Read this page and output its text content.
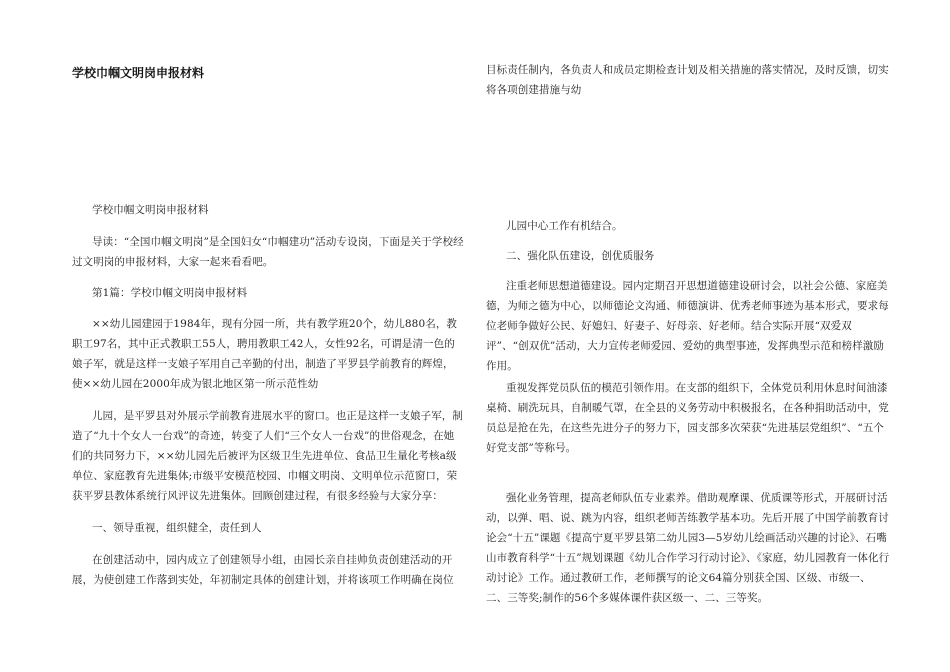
学校巾帼文明岗申报材料

学校巾帼文明岗申报材料

导读：“全国巾帼文明岗”是全国妇女“巾帼建功”活动专设岗，下面是关于学校经过文明岗的申报材料，大家一起来看看吧。

第1篇：学校巾帼文明岗申报材料

××幼儿园建园于1984年，现有分园一所，共有教学班20个，幼儿880名，教职工97名，其中正式教职工55人，聘用教职工42人，女性92名，可谓是清一色的娘子军，就是这样一支娘子军用自己辛勤的付出，制造了平罗县学前教育的辉煌，使××幼儿园在2000年成为银北地区第一所示范性幼

儿园，是平罗县对外展示学前教育进展水平的窗口。也正是这样一支娘子军，制造了“九十个女人一台戏”的奇迹，转变了人们“三个女人一台戏”的世俗观念，在她们的共同努力下，××幼儿园先后被评为区级卫生先进单位、食品卫生量化考核a级单位、家庭教育先进集体;市级平安模范校园、巾帼文明岗、文明单位示范窗口，荣获平罗县教体系统行风评议先进集体。回顾创建过程，有很多经验与大家分享：

一、领导重视，组织健全，责任到人

在创建活动中，园内成立了创建领导小组，由园长亲自挂帅负责创建活动的开展，为使创建工作落到实处，年初制定具体的创建计划，并将该项工作明确在岗位

目标责任制内，各负责人和成员定期检查计划及相关措施的落实情况，及时反馈，切实将各项创建措施与幼

儿园中心工作有机结合。

二、强化队伍建设，创优质服务

注重老师思想道德建设。园内定期召开思想道德建设研讨会，以社会公德、家庭美德，为师之德为中心，以师德论文沟通、师德演讲、优秀老师事迹为基本形式，要求每位老师争做好公民、好媳妇、好妻子、好母亲、好老师。结合实际开展“双爱双评”、“创双优”活动，大力宣传老师爱园、爱幼的典型事迹，发挥典型示范和榜样激励作用。

重视发挥党员队伍的模范引领作用。在支部的组织下，全体党员利用休息时间油漆桌椅、刷洗玩具，自制暖气罩，在全县的义务劳动中积极报名，在各种捐助活动中，党员总是抢在先，在这些先进分子的努力下，园支部多次荣获“先进基层党组织”、“五个好党支部”等称号。

强化业务管理，提高老师队伍专业素养。借助观摩课、优质课等形式，开展研讨活动，以弹、唱、说、跳为内容，组织老师苦练教学基本功。先后开展了中国学前教育讨论会“十五”课题《提高宁夏平罗县第二幼儿园3—5岁幼儿绘画活动兴趣的讨论》、石嘴山市教育科学“十五”规划课题《幼儿合作学习行动讨论》、《家庭，幼儿园教育一体化行动讨论》工作。通过教研工作，老师撰写的论文64篇分别获全国、区级、市级一、二、三等奖;制作的56个多媒体课件获区级一、二、三等奖。
